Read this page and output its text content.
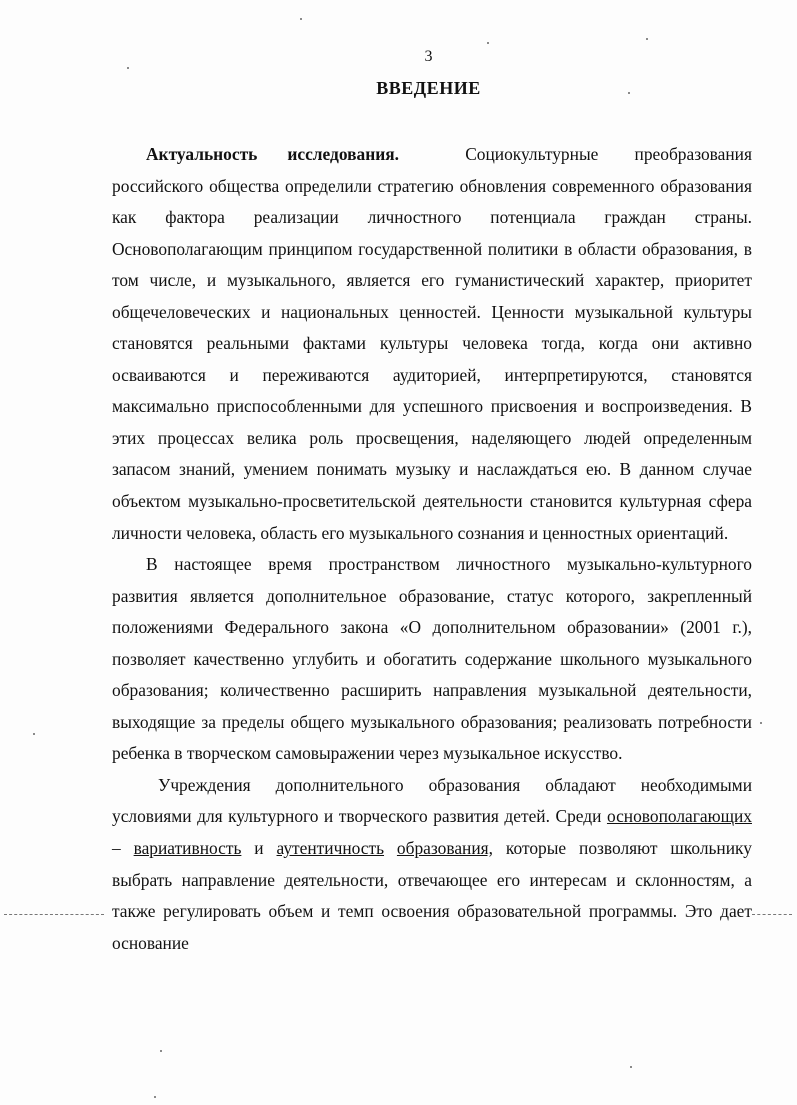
3
ВВЕДЕНИЕ

Актуальность исследования.	Социокультурные преобразования российского общества определили стратегию обновления современного образования как фактора реализации личностного потенциала граждан страны. Основополагающим принципом государственной политики в области образования, в том числе, и музыкального, является его гуманистический характер, приоритет общечеловеческих и национальных ценностей. Ценности музыкальной культуры становятся реальными фактами культуры человека тогда, когда они активно осваиваются и переживаются аудиторией, интерпретируются, становятся максимально приспособленными для успешного присвоения и воспроизведения. В этих процессах велика роль просвещения, наделяющего людей определенным запасом знаний, умением понимать музыку и наслаждаться ею. В данном случае объектом музыкально-просветительской деятельности становится культурная сфера личности человека, область его музыкального сознания и ценностных ориентаций.

В настоящее время пространством личностного музыкально-культурного развития является дополнительное образование, статус которого, закрепленный положениями Федерального закона «О дополнительном образовании» (2001 г.), позволяет качественно углубить и обогатить содержание школьного музыкального образования; количественно расширить направления музыкальной деятельности, выходящие за пределы общего музыкального образования; реализовать потребности ребенка в творческом самовыражении через музыкальное искусство.

Учреждения дополнительного образования обладают необходимыми условиями для культурного и творческого развития детей. Среди основополагающих – вариативность и аутентичность образования, которые позволяют школьнику выбрать направление деятельности, отвечающее его интересам и склонностям, а также регулировать объем и темп освоения образовательной программы. Это дает основание
